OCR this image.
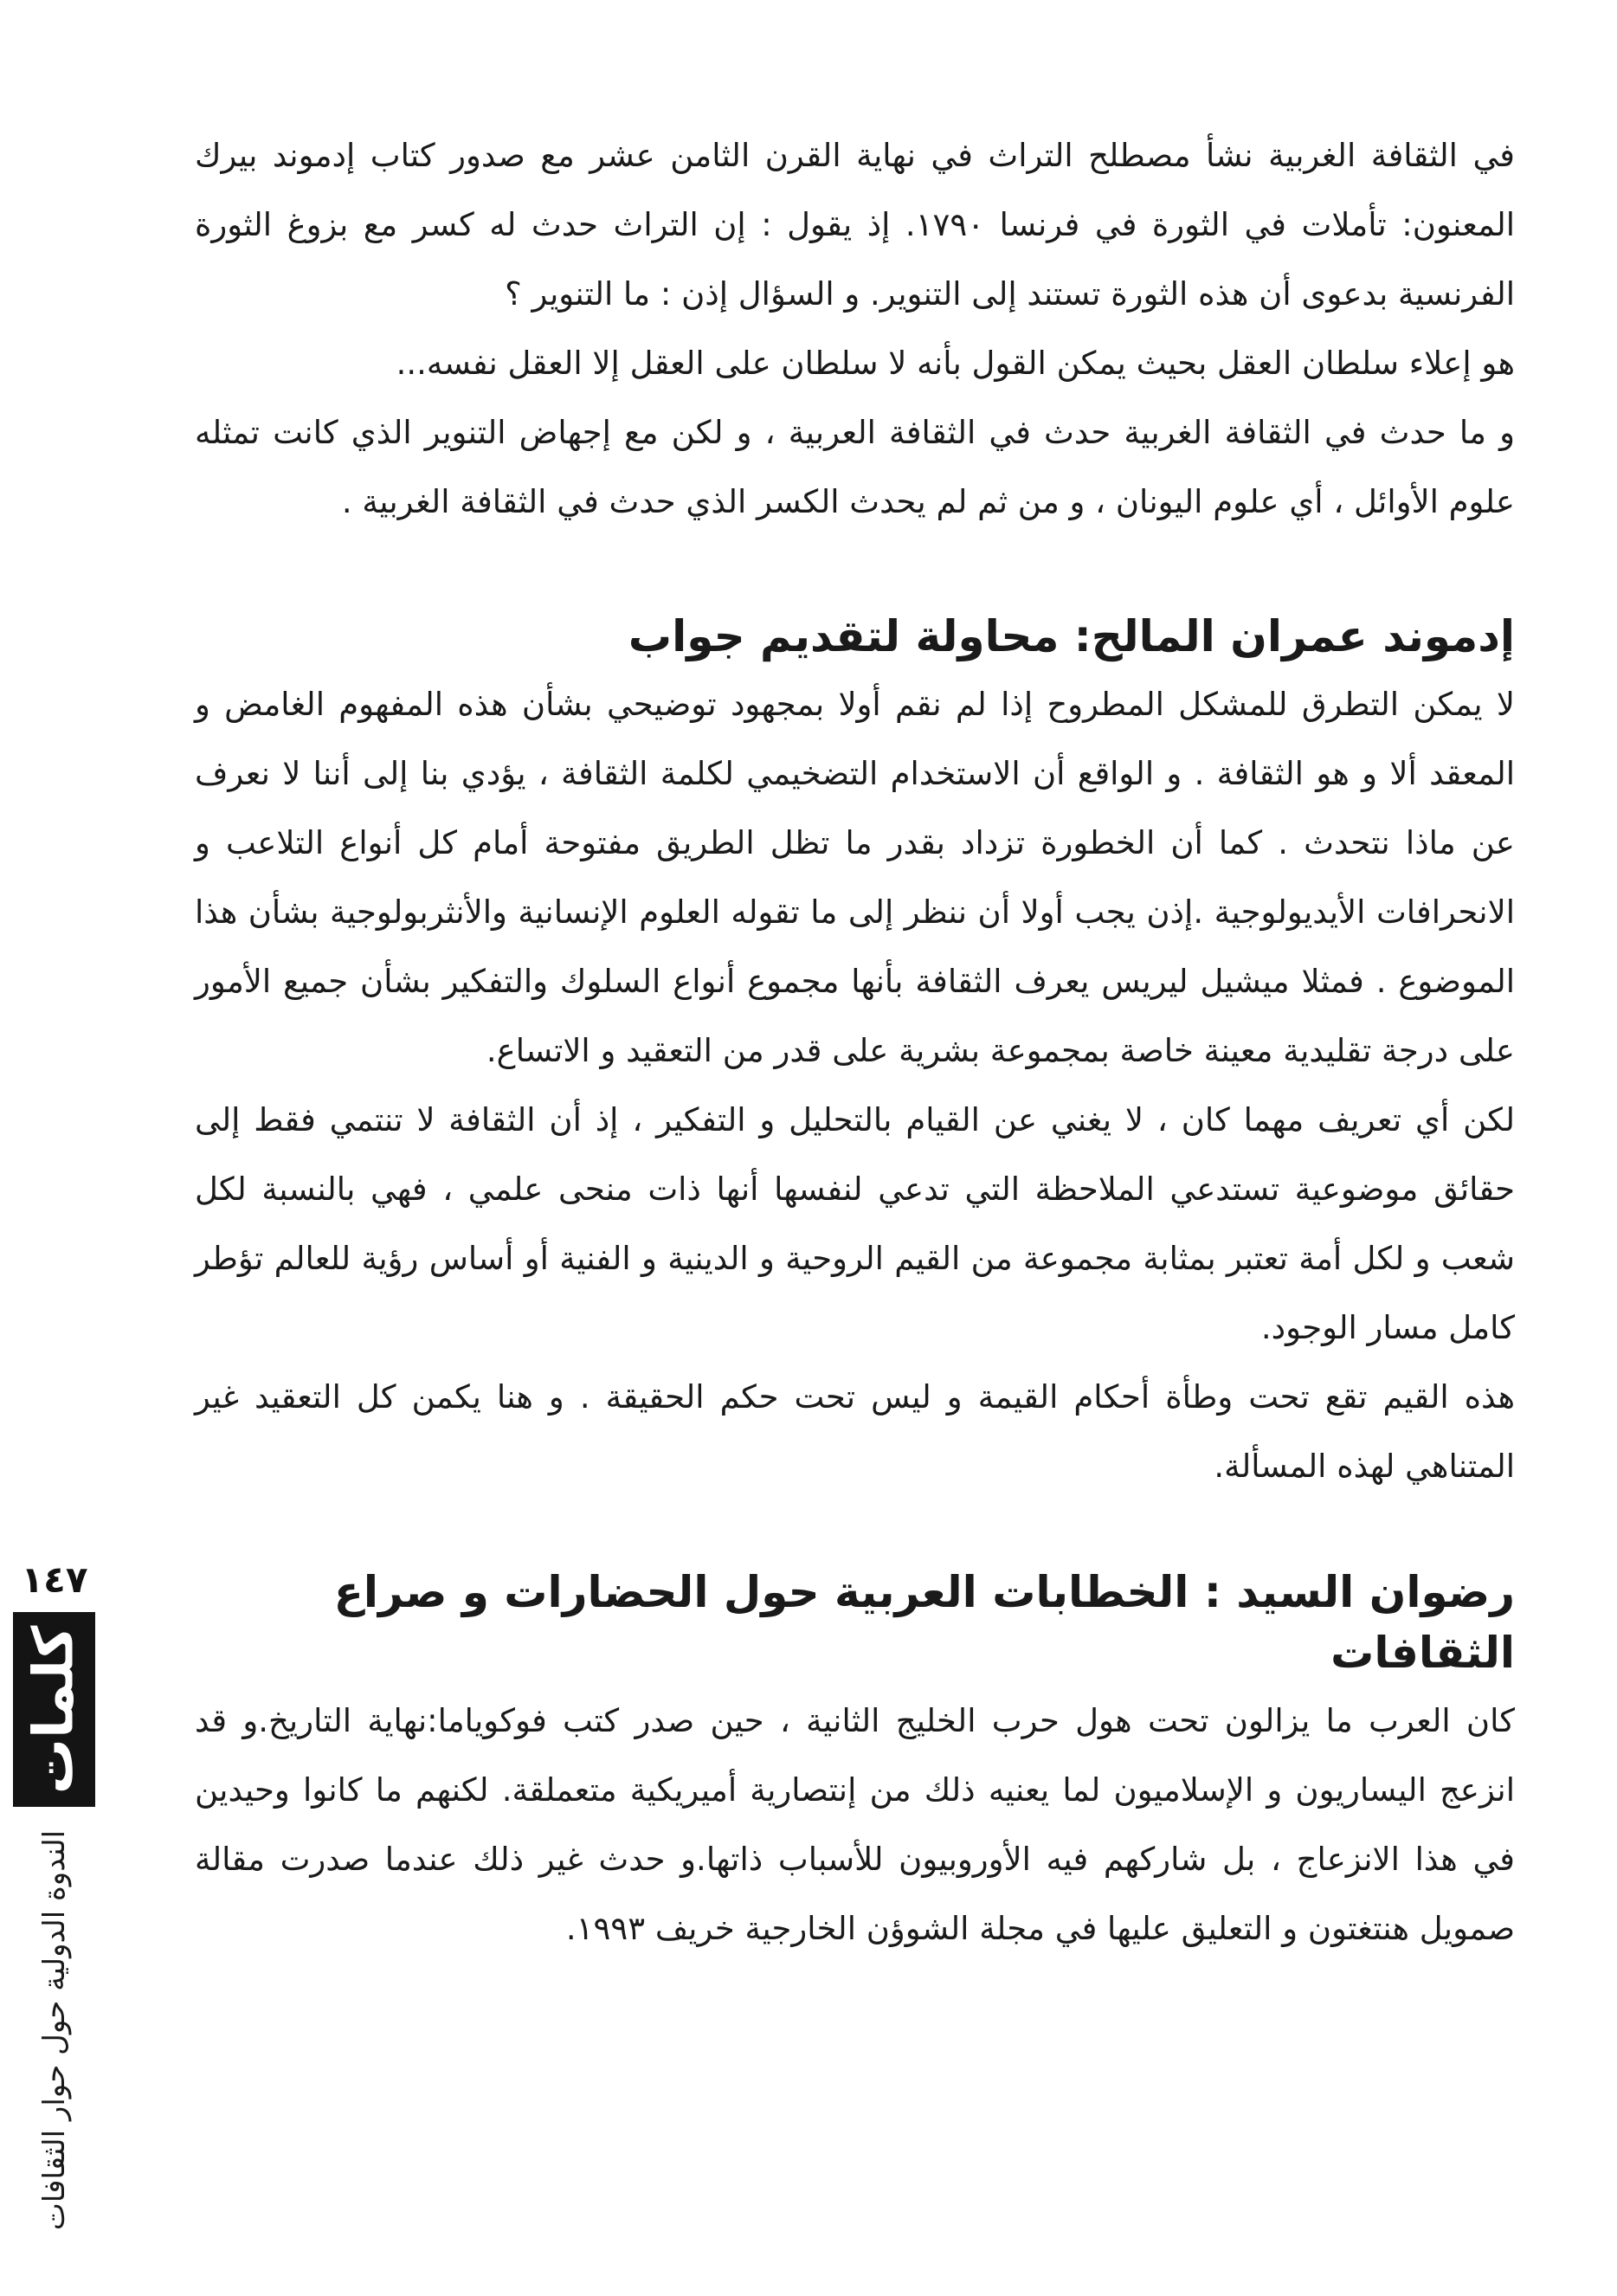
في الثقافة الغربية نشأ مصطلح التراث في نهاية القرن الثامن عشر مع صدور كتاب إدموند بيرك المعنون: تأملات في الثورة في فرنسا ١٧٩٠. إذ يقول : إن التراث حدث له كسر مع بزوغ الثورة الفرنسية بدعوى أن هذه الثورة تستند إلى التنوير. و السؤال إذن : ما التنوير ؟

هو إعلاء سلطان العقل بحيث يمكن القول بأنه لا سلطان على العقل إلا العقل نفسه...

و ما حدث في الثقافة الغربية حدث في الثقافة العربية ، و لكن مع إجهاض التنوير الذي كانت تمثله علوم الأوائل ، أي علوم اليونان ، و من ثم لم يحدث الكسر الذي حدث في الثقافة الغربية .

إدموند عمران المالح: محاولة لتقديم جواب

لا يمكن التطرق للمشكل المطروح إذا لم نقم أولا بمجهود توضيحي بشأن هذه المفهوم الغامض و المعقد ألا و هو الثقافة . و الواقع أن الاستخدام التضخيمي لكلمة الثقافة ، يؤدي بنا إلى أننا لا نعرف عن ماذا نتحدث . كما أن الخطورة تزداد بقدر ما تظل الطريق مفتوحة أمام كل أنواع التلاعب و الانحرافات الأيديولوجية .إذن يجب أولا أن ننظر إلى ما تقوله العلوم الإنسانية والأنثربولوجية بشأن هذا الموضوع . فمثلا ميشيل ليريس يعرف الثقافة بأنها مجموع أنواع السلوك والتفكير بشأن جميع الأمور على درجة تقليدية معينة خاصة بمجموعة بشرية على قدر من التعقيد و الاتساع.

لكن أي تعريف مهما كان ، لا يغني عن القيام بالتحليل و التفكير ، إذ أن الثقافة لا تنتمي فقط إلى حقائق موضوعية تستدعي الملاحظة التي تدعي لنفسها أنها ذات منحى علمي ، فهي بالنسبة لكل شعب و لكل أمة تعتبر بمثابة مجموعة من القيم الروحية و الدينية و الفنية أو أساس رؤية للعالم تؤطر كامل مسار الوجود.

هذه القيم تقع تحت وطأة أحكام القيمة و ليس تحت حكم الحقيقة . و هنا يكمن كل التعقيد غير المتناهي لهذه المسألة.

رضوان السيد : الخطابات العربية حول الحضارات و صراع الثقافات

كان العرب ما يزالون تحت هول حرب الخليج الثانية ، حين صدر كتب فوكوياما:نهاية التاريخ.و قد انزعج اليساريون و الإسلاميون لما يعنيه ذلك من إنتصارية أميريكية متعملقة. لكنهم ما كانوا وحيدين في هذا الانزعاج ، بل شاركهم فيه الأوروبيون للأسباب ذاتها.و حدث غير ذلك عندما صدرت مقالة صمويل هنتغتون و التعليق عليها في مجلة الشوؤن الخارجية خريف ١٩٩٣.

١٤٧
كلمات
الندوة الدولية حول حوار الثقافات
